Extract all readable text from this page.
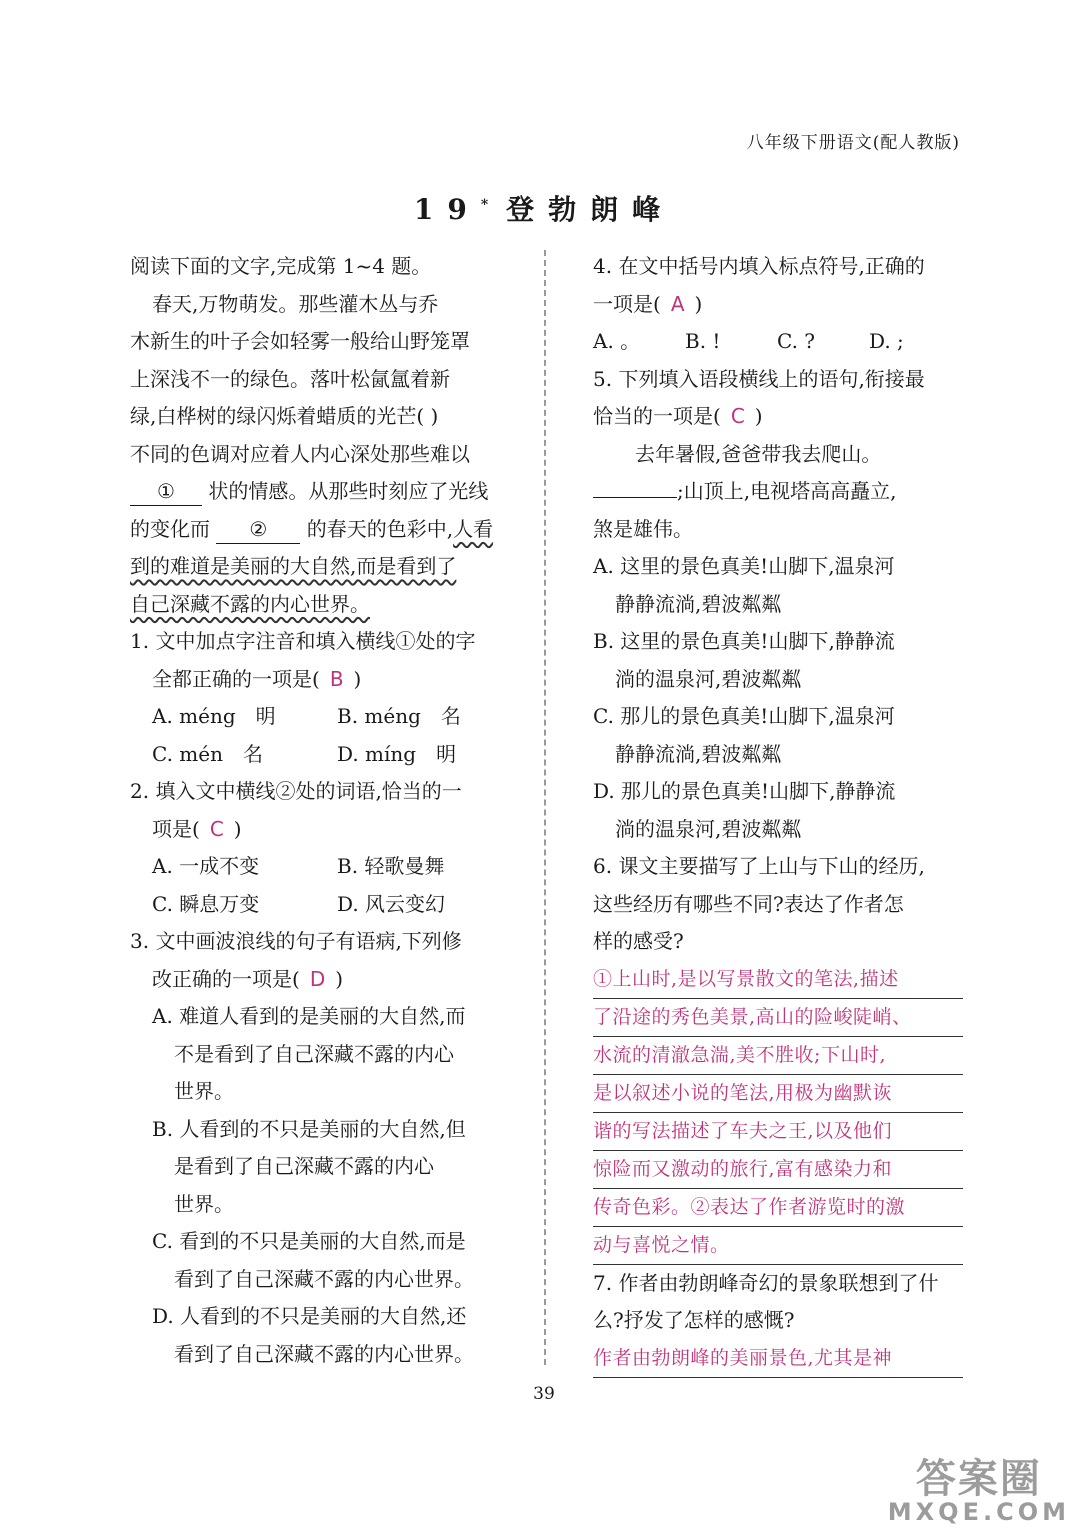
八年级下册语文(配人教版)
19* 登勃朗峰
阅读下面的文字,完成第 1~4 题。
春天,万物萌发。那些灌木丛与乔
木新生的叶子会如轻雾一般给山野笼罩
上深浅不一的绿色。落叶松氤氲着新
绿,白桦树的绿闪烁着蜡质的光芒( )
不同的色调对应着人内心深处那些难以
① 状的情感。从那些时刻应了光线
的变化而 ② 的春天的色彩中,人看
到的难道是美丽的大自然,而是看到了
自己深藏不露的内心世界。
1. 文中加点字注音和填入横线①处的字
全都正确的一项是( B )
A. méng　明	B. méng　名
C. mén　名	D. míng　明
2. 填入文中横线②处的词语,恰当的一
项是( C )
A. 一成不变	B. 轻歌曼舞
C. 瞬息万变	D. 风云变幻
3. 文中画波浪线的句子有语病,下列修
改正确的一项是( D )
A. 难道人看到的是美丽的大自然,而
不是看到了自己深藏不露的内心
世界。
B. 人看到的不只是美丽的大自然,但
是看到了自己深藏不露的内心
世界。
C. 看到的不只是美丽的大自然,而是
看到了自己深藏不露的内心世界。
D. 人看到的不只是美丽的大自然,还
看到了自己深藏不露的内心世界。
4. 在文中括号内填入标点符号,正确的
一项是( A )
A. 。	B. !	C. ?	D. ;
5. 下列填入语段横线上的语句,衔接最
恰当的一项是( C )
去年暑假,爸爸带我去爬山。
;山顶上,电视塔高高矗立,
煞是雄伟。
A. 这里的景色真美!山脚下,温泉河
静静流淌,碧波粼粼
B. 这里的景色真美!山脚下,静静流
淌的温泉河,碧波粼粼
C. 那儿的景色真美!山脚下,温泉河
静静流淌,碧波粼粼
D. 那儿的景色真美!山脚下,静静流
淌的温泉河,碧波粼粼
6. 课文主要描写了上山与下山的经历,
这些经历有哪些不同?表达了作者怎
样的感受?
①上山时,是以写景散文的笔法,描述
了沿途的秀色美景,高山的险峻陡峭、
水流的清澈急湍,美不胜收;下山时,
是以叙述小说的笔法,用极为幽默诙
谐的写法描述了车夫之王,以及他们
惊险而又激动的旅行,富有感染力和
传奇色彩。②表达了作者游览时的激
动与喜悦之情。
7. 作者由勃朗峰奇幻的景象联想到了什
么?抒发了怎样的感慨?
作者由勃朗峰的美丽景色,尤其是神
39
答案圈
MXQE.COM
